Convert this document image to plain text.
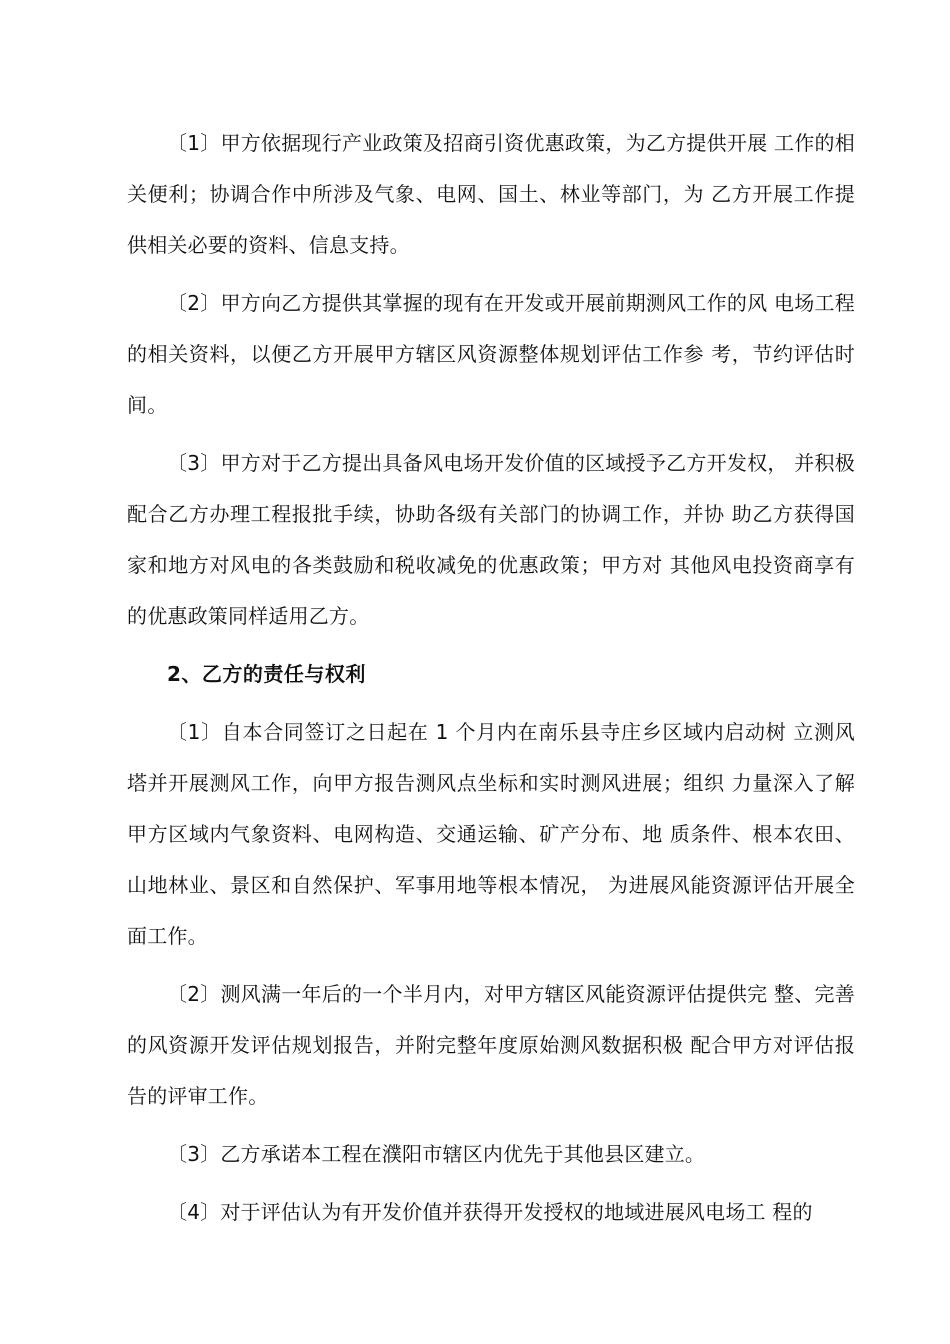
〔1〕甲方依据现行产业政策及招商引资优惠政策，为乙方提供开展 工作的相关便利；协调合作中所涉及气象、电网、国土、林业等部门，为 乙方开展工作提供相关必要的资料、信息支持。

〔2〕甲方向乙方提供其掌握的现有在开发或开展前期测风工作的风 电场工程的相关资料，以便乙方开展甲方辖区风资源整体规划评估工作参 考，节约评估时间。

〔3〕甲方对于乙方提出具备风电场开发价值的区域授予乙方开发权， 并积极配合乙方办理工程报批手续，协助各级有关部门的协调工作，并协 助乙方获得国家和地方对风电的各类鼓励和税收减免的优惠政策；甲方对 其他风电投资商享有的优惠政策同样适用乙方。

2、乙方的责任与权利

〔1〕自本合同签订之日起在 1 个月内在南乐县寺庄乡区域内启动树 立测风塔并开展测风工作，向甲方报告测风点坐标和实时测风进展；组织 力量深入了解甲方区域内气象资料、电网构造、交通运输、矿产分布、地 质条件、根本农田、山地林业、景区和自然保护、军事用地等根本情况， 为进展风能资源评估开展全面工作。

〔2〕测风满一年后的一个半月内，对甲方辖区风能资源评估提供完 整、完善的风资源开发评估规划报告，并附完整年度原始测风数据积极 配合甲方对评估报告的评审工作。

〔3〕乙方承诺本工程在濮阳市辖区内优先于其他县区建立。

〔4〕对于评估认为有开发价值并获得开发授权的地域进展风电场工 程的
